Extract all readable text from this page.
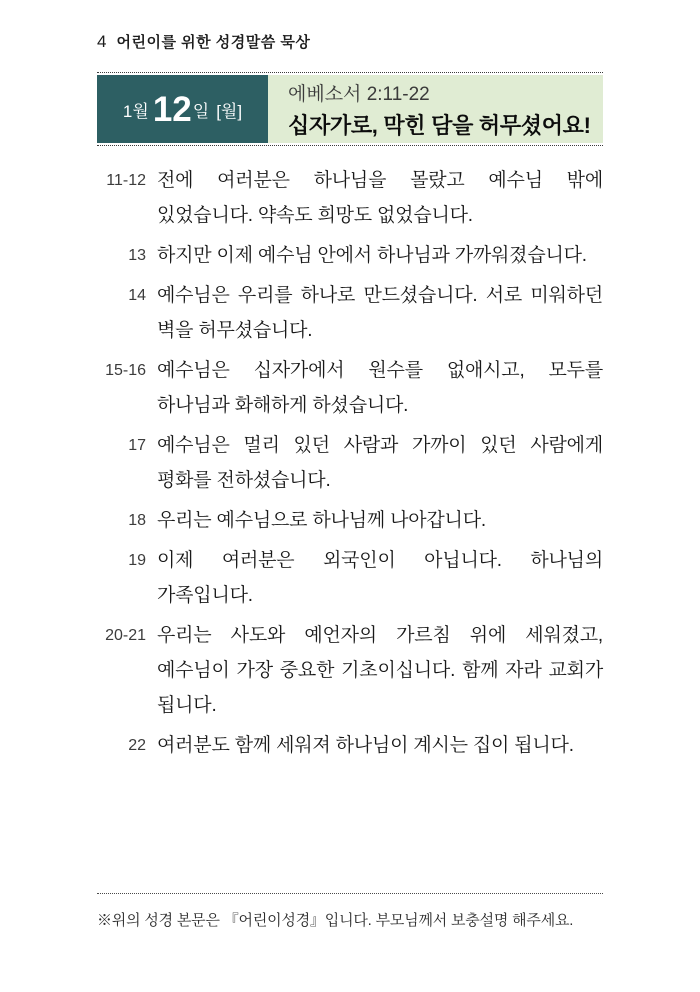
4 어린이를 위한 성경말씀 묵상
1월 12 일 [월]
에베소서 2:11-22
십자가로, 막힌 담을 허무셨어요!
11-12 전에 여러분은 하나님을 몰랐고 예수님 밖에 있었습니다. 약속도 희망도 없었습니다.
13 하지만 이제 예수님 안에서 하나님과 가까워졌습니다.
14 예수님은 우리를 하나로 만드셨습니다. 서로 미워하던 벽을 허무셨습니다.
15-16 예수님은 십자가에서 원수를 없애시고, 모두를 하나님과 화해하게 하셨습니다.
17 예수님은 멀리 있던 사람과 가까이 있던 사람에게 평화를 전하셨습니다.
18 우리는 예수님으로 하나님께 나아갑니다.
19 이제 여러분은 외국인이 아닙니다. 하나님의 가족입니다.
20-21 우리는 사도와 예언자의 가르침 위에 세워졌고, 예수님이 가장 중요한 기초이십니다. 함께 자라 교회가 됩니다.
22 여러분도 함께 세워져 하나님이 계시는 집이 됩니다.
※위의 성경 본문은 『어린이성경』입니다. 부모님께서 보충설명 해주세요.
